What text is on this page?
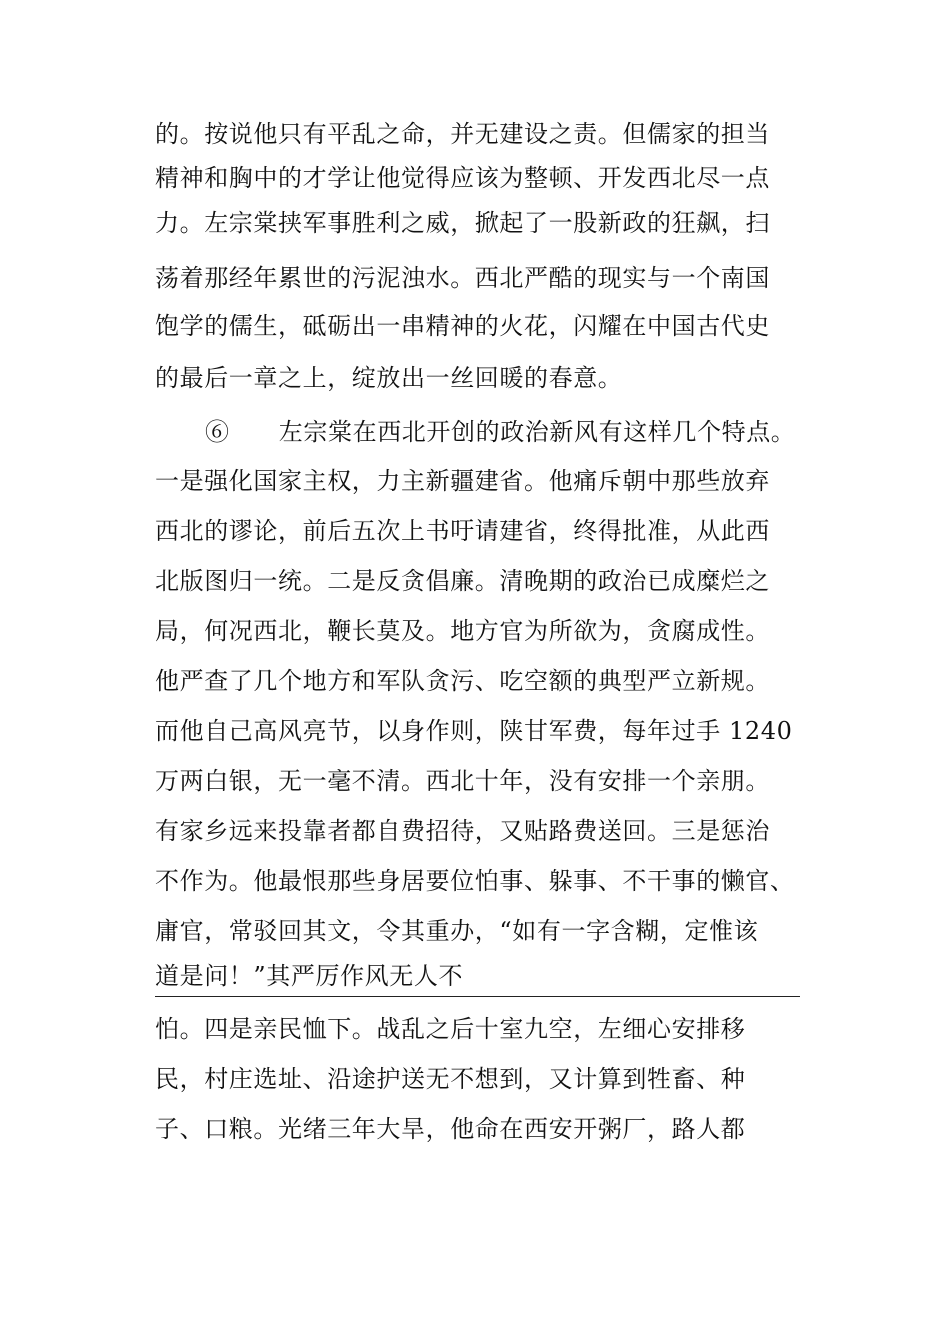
的。按说他只有平乱之命，并无建设之责。但儒家的担当
精神和胸中的才学让他觉得应该为整顿、开发西北尽一点
力。左宗棠挟军事胜利之威，掀起了一股新政的狂飙，扫
荡着那经年累世的污泥浊水。西北严酷的现实与一个南国
饱学的儒生，砥砺出一串精神的火花，闪耀在中国古代史
的最后一章之上，绽放出一丝回暖的春意。
⑥　　左宗棠在西北开创的政治新风有这样几个特点。
一是强化国家主权，力主新疆建省。他痛斥朝中那些放弃
西北的谬论，前后五次上书吁请建省，终得批准，从此西
北版图归一统。二是反贪倡廉。清晚期的政治已成糜烂之
局，何况西北，鞭长莫及。地方官为所欲为，贪腐成性。
他严查了几个地方和军队贪污、吃空额的典型严立新规。
而他自己高风亮节，以身作则，陕甘军费，每年过手 1240
万两白银，无一毫不清。西北十年，没有安排一个亲朋。
有家乡远来投靠者都自费招待，又贴路费送回。三是惩治
不作为。他最恨那些身居要位怕事、躲事、不干事的懒官、
庸官，常驳回其文，令其重办，“如有一字含糊，定惟该
道是问！”其严厉作风无人不
怕。四是亲民恤下。战乱之后十室九空，左细心安排移
民，村庄选址、沿途护送无不想到，又计算到牲畜、种
子、口粮。光绪三年大旱，他命在西安开粥厂，路人都
